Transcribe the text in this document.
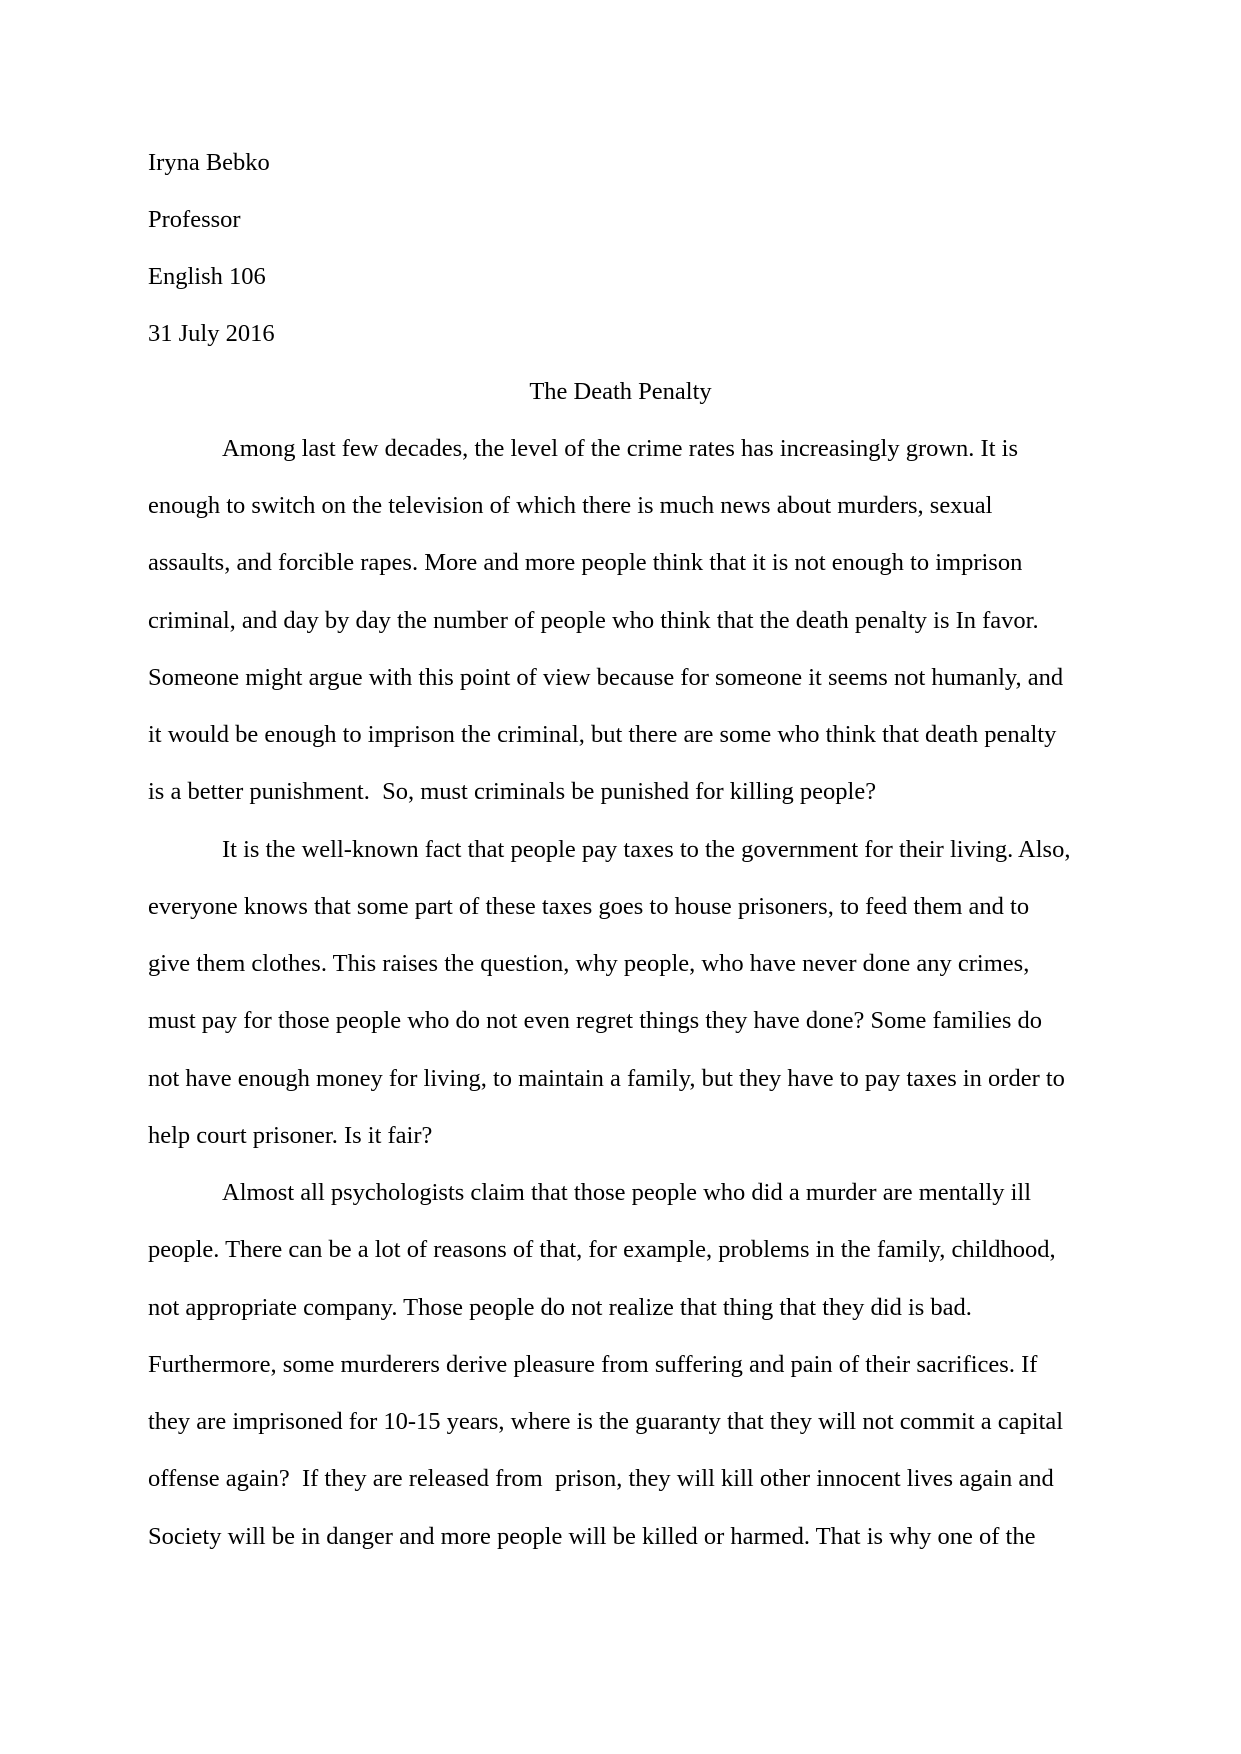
Iryna Bebko

Professor

English 106

31 July 2016

The Death Penalty

Among last few decades, the level of the crime rates has increasingly grown. It is

enough to switch on the television of which there is much news about murders, sexual

assaults, and forcible rapes. More and more people think that it is not enough to imprison

criminal, and day by day the number of people who think that the death penalty is In favor.

Someone might argue with this point of view because for someone it seems not humanly, and

it would be enough to imprison the criminal, but there are some who think that death penalty

is a better punishment.  So, must criminals be punished for killing people?

It is the well-known fact that people pay taxes to the government for their living. Also,

everyone knows that some part of these taxes goes to house prisoners, to feed them and to

give them clothes. This raises the question, why people, who have never done any crimes,

must pay for those people who do not even regret things they have done? Some families do

not have enough money for living, to maintain a family, but they have to pay taxes in order to

help court prisoner. Is it fair?

Almost all psychologists claim that those people who did a murder are mentally ill

people. There can be a lot of reasons of that, for example, problems in the family, childhood,

not appropriate company. Those people do not realize that thing that they did is bad.

Furthermore, some murderers derive pleasure from suffering and pain of their sacrifices. If

they are imprisoned for 10-15 years, where is the guaranty that they will not commit a capital

offense again?  If they are released from  prison, they will kill other innocent lives again and

Society will be in danger and more people will be killed or harmed. That is why one of the
